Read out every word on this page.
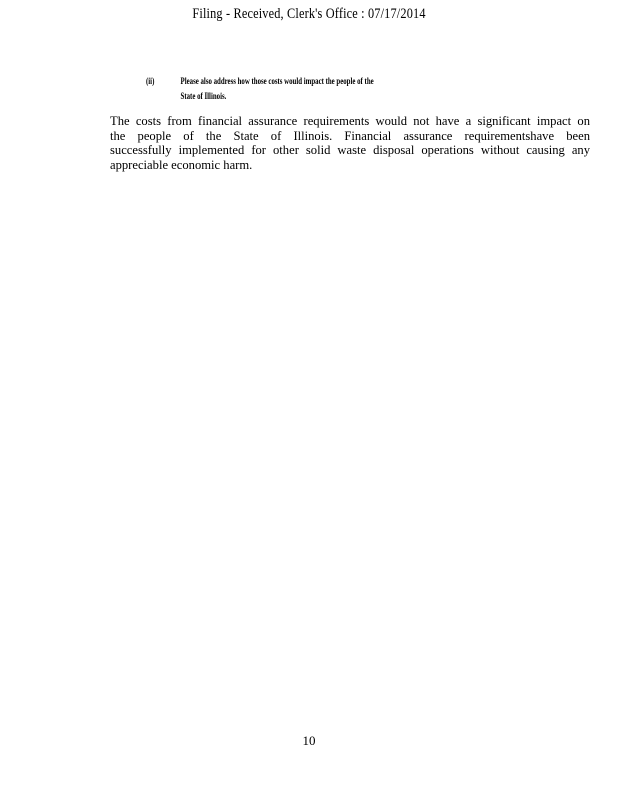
Filing - Received, Clerk's Office : 07/17/2014
(ii)	Please also address how those costs would impact the people of the
State of Illinois.
The costs from financial assurance requirements would not have a significant impact on
the people of the State of Illinois. Financial assurance requirementshave been
successfully implemented for other solid waste disposal operations without causing any
appreciable economic harm.
10
